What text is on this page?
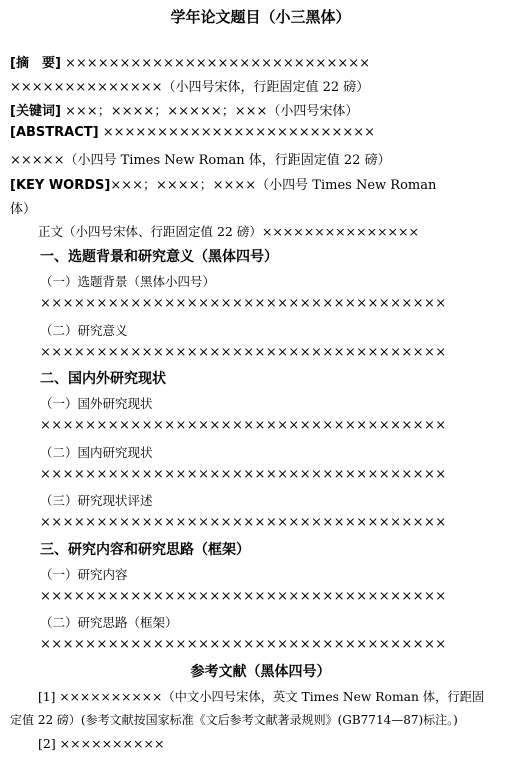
学年论文题目（小三黑体）
[摘　要] ××××××××××××××××××××××××××××
××××××××××××××（小四号宋体，行距固定值 22 磅）
[关键词] ×××；××××；×××××；×××（小四号宋体）
[ABSTRACT] ×××××××××××××××××××××××××
×××××（小四号 Times New Roman 体，行距固定值 22 磅）
[KEY WORDS]×××；××××；××××（小四号 Times New Roman
体）
正文（小四号宋体、行距固定值 22 磅）×××××××××××××××
一、选题背景和研究意义（黑体四号）
（一）选题背景（黑体小四号）
××××××××××××××××××××××××××××××××××××
（二）研究意义
××××××××××××××××××××××××××××××××××××
二、国内外研究现状
（一）国外研究现状
××××××××××××××××××××××××××××××××××××
（二）国内研究现状
××××××××××××××××××××××××××××××××××××
（三）研究现状评述
××××××××××××××××××××××××××××××××××××
三、研究内容和研究思路（框架）
（一）研究内容
××××××××××××××××××××××××××××××××××××
（二）研究思路（框架）
××××××××××××××××××××××××××××××××××××
参考文献（黑体四号）
[1] ××××××××××（中文小四号宋体，英文 Times New Roman 体，行距固
定值 22 磅）(参考文献按国家标准《文后参考文献著录规则》(GB7714—87)标注。)
[2] ××××××××××
